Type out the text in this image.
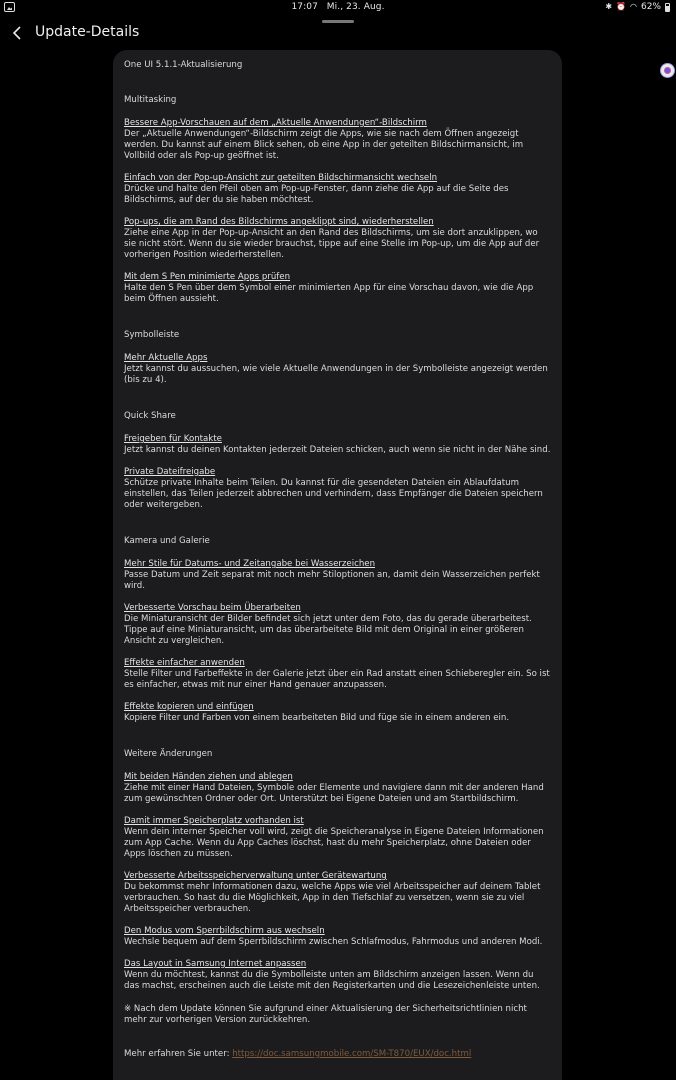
17:07 Mi., 23. Aug.	✱ ⏰ ◠ 62%
Update-Details
One UI 5.1.1-Aktualisierung
Multitasking
Bessere App-Vorschauen auf dem „Aktuelle Anwendungen“-Bildschirm
Der „Aktuelle Anwendungen“-Bildschirm zeigt die Apps, wie sie nach dem Öffnen angezeigt werden. Du kannst auf einem Blick sehen, ob eine App in der geteilten Bildschirmansicht, im Vollbild oder als Pop-up geöffnet ist.
Einfach von der Pop-up-Ansicht zur geteilten Bildschirmansicht wechseln
Drücke und halte den Pfeil oben am Pop-up-Fenster, dann ziehe die App auf die Seite des Bildschirms, auf der du sie haben möchtest.
Pop-ups, die am Rand des Bildschirms angeklippt sind, wiederherstellen
Ziehe eine App in der Pop-up-Ansicht an den Rand des Bildschirms, um sie dort anzuklippen, wo sie nicht stört. Wenn du sie wieder brauchst, tippe auf eine Stelle im Pop-up, um die App auf der vorherigen Position wiederherstellen.
Mit dem S Pen minimierte Apps prüfen
Halte den S Pen über dem Symbol einer minimierten App für eine Vorschau davon, wie die App beim Öffnen aussieht.
Symbolleiste
Mehr Aktuelle Apps
Jetzt kannst du aussuchen, wie viele Aktuelle Anwendungen in der Symbolleiste angezeigt werden (bis zu 4).
Quick Share
Freigeben für Kontakte
Jetzt kannst du deinen Kontakten jederzeit Dateien schicken, auch wenn sie nicht in der Nähe sind.
Private Dateifreigabe
Schütze private Inhalte beim Teilen. Du kannst für die gesendeten Dateien ein Ablaufdatum einstellen, das Teilen jederzeit abbrechen und verhindern, dass Empfänger die Dateien speichern oder weitergeben.
Kamera und Galerie
Mehr Stile für Datums- und Zeitangabe bei Wasserzeichen
Passe Datum und Zeit separat mit noch mehr Stiloptionen an, damit dein Wasserzeichen perfekt wird.
Verbesserte Vorschau beim Überarbeiten
Die Miniaturansicht der Bilder befindet sich jetzt unter dem Foto, das du gerade überarbeitest. Tippe auf eine Miniaturansicht, um das überarbeitete Bild mit dem Original in einer größeren Ansicht zu vergleichen.
Effekte einfacher anwenden
Stelle Filter und Farbeffekte in der Galerie jetzt über ein Rad anstatt einen Schieberegler ein. So ist es einfacher, etwas mit nur einer Hand genauer anzupassen.
Effekte kopieren und einfügen
Kopiere Filter und Farben von einem bearbeiteten Bild und füge sie in einem anderen ein.
Weitere Änderungen
Mit beiden Händen ziehen und ablegen
Ziehe mit einer Hand Dateien, Symbole oder Elemente und navigiere dann mit der anderen Hand zum gewünschten Ordner oder Ort. Unterstützt bei Eigene Dateien und am Startbildschirm.
Damit immer Speicherplatz vorhanden ist
Wenn dein interner Speicher voll wird, zeigt die Speicheranalyse in Eigene Dateien Informationen zum App Cache. Wenn du App Caches löschst, hast du mehr Speicherplatz, ohne Dateien oder Apps löschen zu müssen.
Verbesserte Arbeitsspeicherverwaltung unter Gerätewartung
Du bekommst mehr Informationen dazu, welche Apps wie viel Arbeitsspeicher auf deinem Tablet verbrauchen. So hast du die Möglichkeit, App in den Tiefschlaf zu versetzen, wenn sie zu viel Arbeitsspeicher verbrauchen.
Den Modus vom Sperrbildschirm aus wechseln
Wechsle bequem auf dem Sperrbildschirm zwischen Schlafmodus, Fahrmodus und anderen Modi.
Das Layout in Samsung Internet anpassen
Wenn du möchtest, kannst du die Symbolleiste unten am Bildschirm anzeigen lassen. Wenn du das machst, erscheinen auch die Leiste mit den Registerkarten und die Lesezeichenleiste unten.
※ Nach dem Update können Sie aufgrund einer Aktualisierung der Sicherheitsrichtlinien nicht mehr zur vorherigen Version zurückkehren.
Mehr erfahren Sie unter: https://doc.samsungmobile.com/SM-T870/EUX/doc.html
